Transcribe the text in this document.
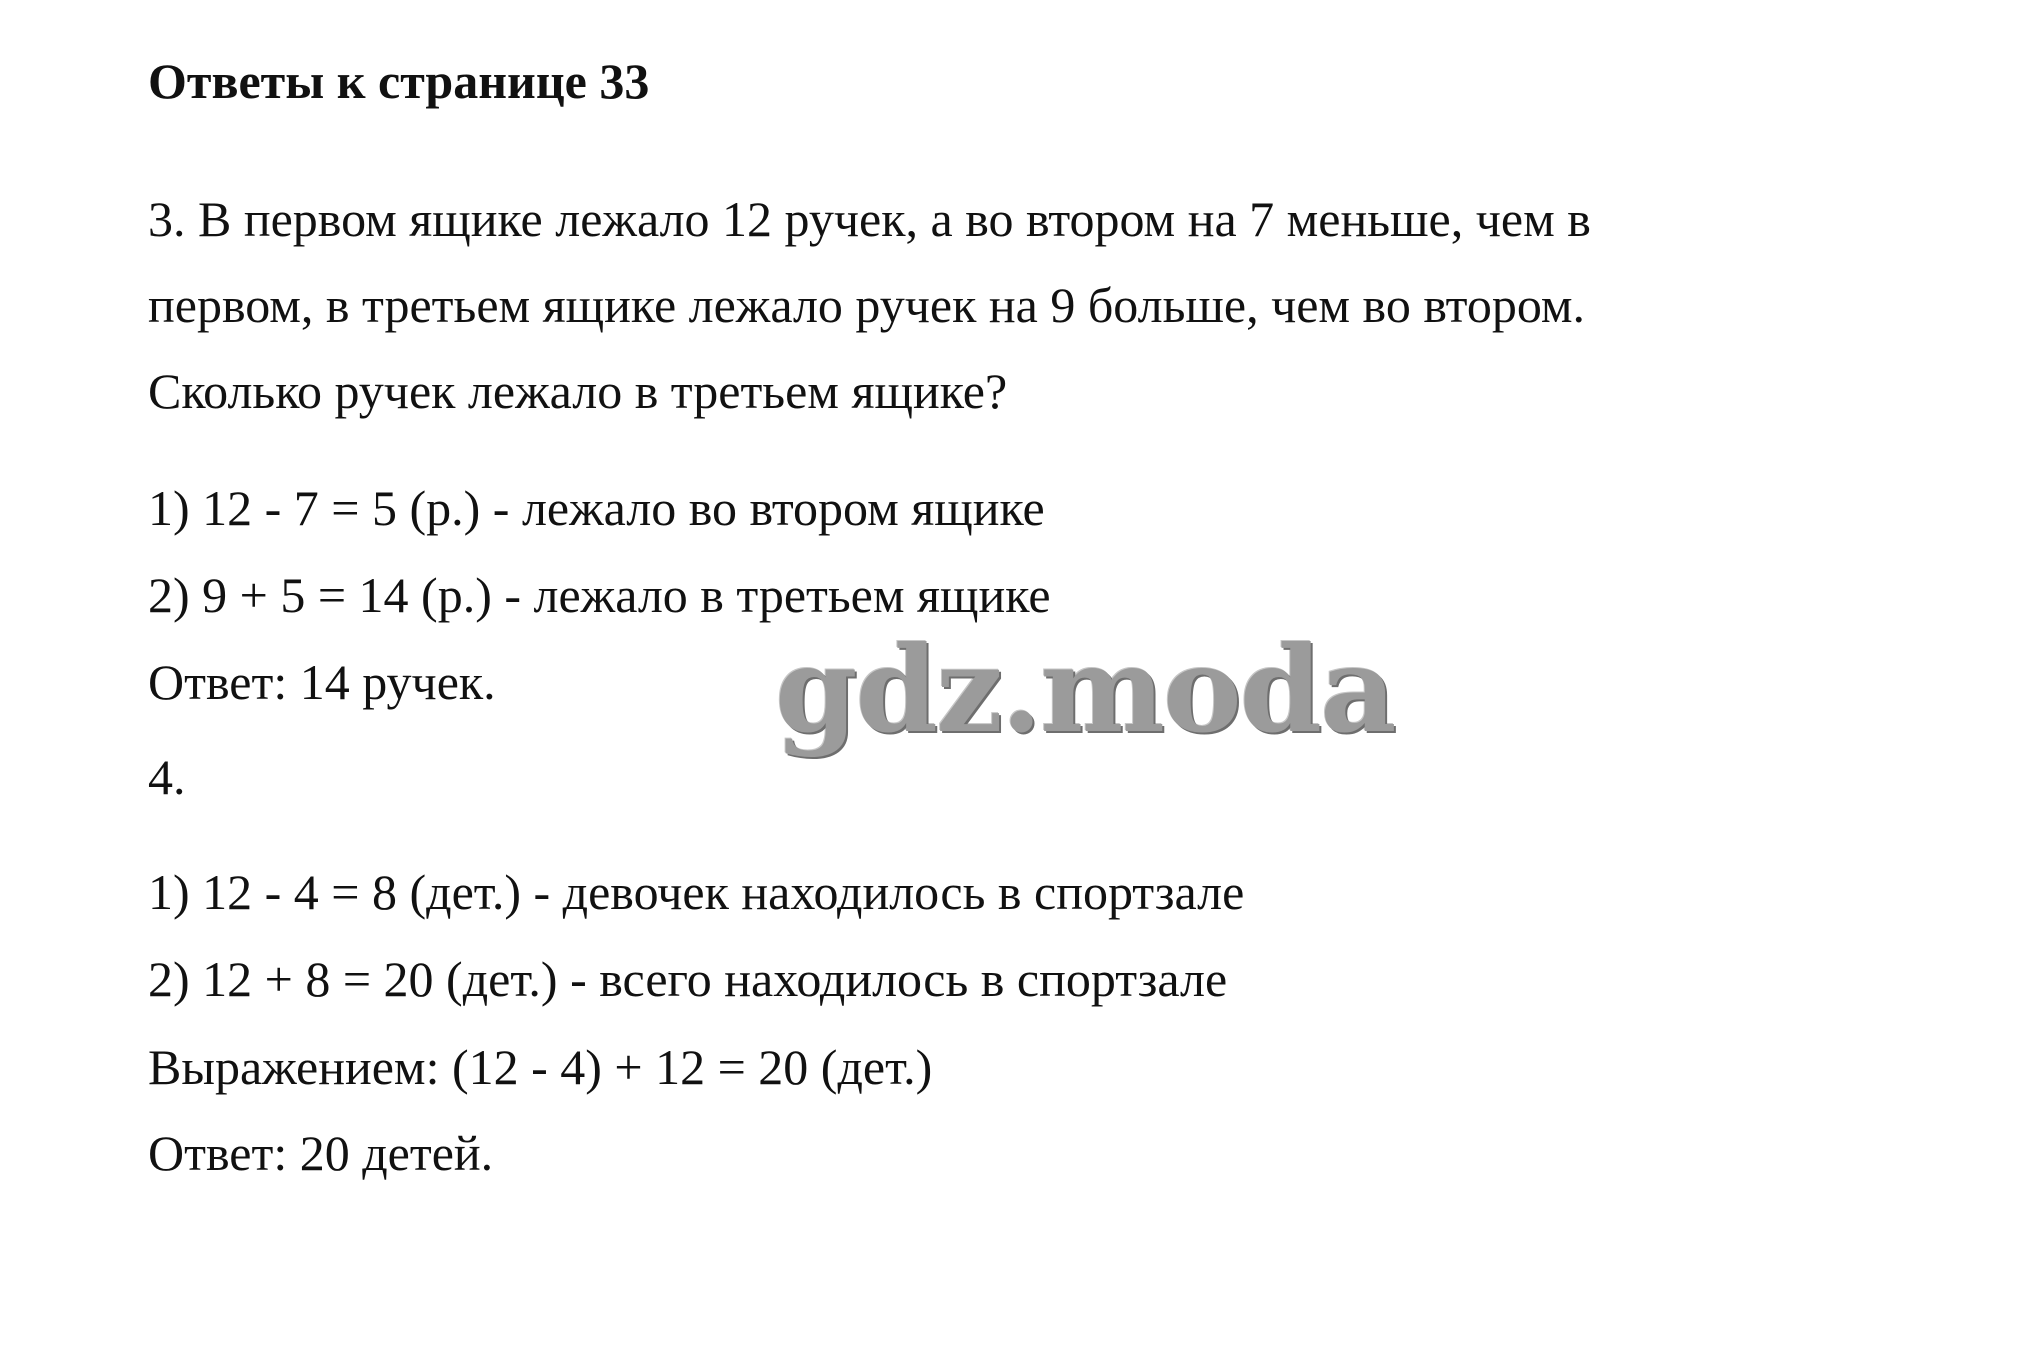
Ответы к странице 33
3. В первом ящике лежало 12 ручек, а во втором на 7 меньше, чем в
первом, в третьем ящике лежало ручек на 9 больше, чем во втором.
Сколько ручек лежало в третьем ящике?
1) 12 - 7 = 5 (р.) - лежало во втором ящике
2) 9 + 5 = 14 (р.) - лежало в третьем ящике
Ответ: 14 ручек.
4.
1) 12 - 4 = 8 (дет.) - девочек находилось в спортзале
2) 12 + 8 = 20 (дет.) - всего находилось в спортзале
Выражением: (12 - 4) + 12 = 20 (дет.)
Ответ: 20 детей.
gdz.moda
